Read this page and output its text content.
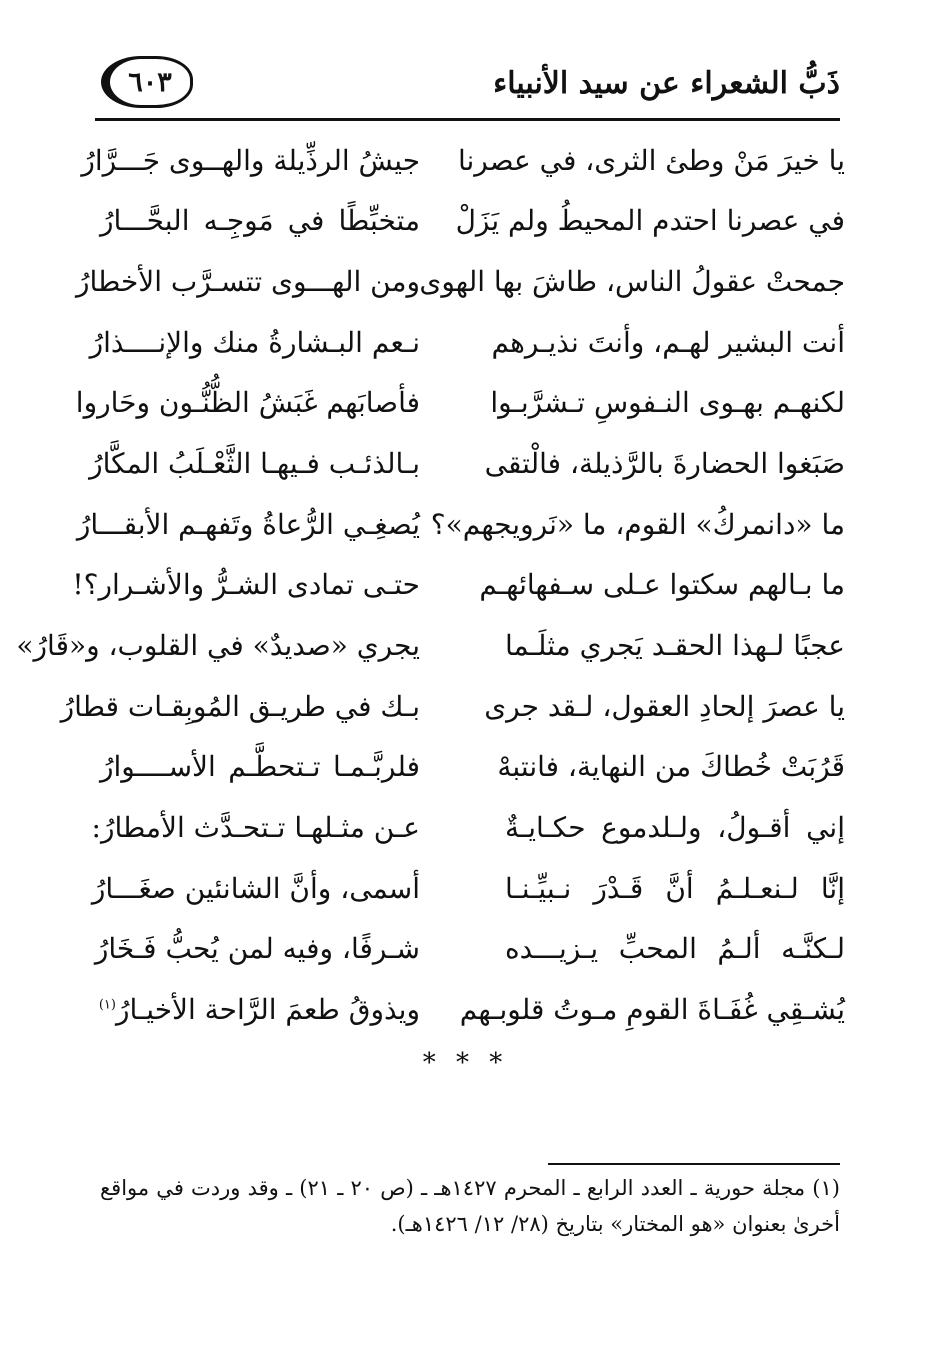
ذَبُّ الشعراء عن سيد الأنبياء
٦٠٣
يا خيرَ مَنْ وطئ الثرى، في عصرنا
جيشُ الرذِّيلة والهــوى جَـــرَّارُ
في عصرنا احتدم المحيطُ ولم يَزَلْ
متخبِّطًا في مَوجِـه البحَّـــارُ
جمحتْ عقولُ الناس، طاشَ بها الهوى
ومن الهـــوى تتسـرَّب الأخطارُ
أنت البشير لهـم، وأنتَ نذيـرهم
نـعم البـشارةُ منك والإنــــذارُ
لكنهـم بهـوى النـفوسِ تـشرَّبـوا
فأصابَهم غَبَشُ الظُّنُّـون وحَاروا
صَبَغوا الحضارةَ بالرَّذيلة، فالْتقى
بـالذئـب فـيهـا الثَّعْـلَبُ المكَّارُ
ما «دانمركُ» القوم، ما «نَرويجهم»؟
يُصغِـي الرُّعاةُ وتَفهـم الأبقـــارُ
ما بـالهم سكتوا عـلى سـفهائهـم
حتـى تمادى الشـرُّ والأشـرار؟!
عجبًا لـهذا الحقـد يَجري مثلَـما
يجري «صديدٌ» في القلوب، و«قَارُ»
يا عصرَ إلحادِ العقول، لـقد جرى
بـك في طريـق المُوبِقـات قطارُ
قَرُبَتْ خُطاكَ من النهاية، فانتبهْ
فلربَّـمـا تـتحطَّـم الأســــوارُ
إني أقـولُ، ولـلدموع حكـايـةٌ
عـن مثـلهـا تـتحـدَّث الأمطارُ:
إنَّا لـنعـلـمُ أنَّ قَـدْرَ نـبيِّـنـا
أسمى، وأنَّ الشانئين صغَـــارُ
لـكنَّـه ألـمُ المحبِّ يـزيـــده
شـرفًا، وفيه لمن يُحبُّ فَـخَارُ
يُشـقِي غُفَـاةَ القومِ مـوتُ قلوبـهم
ويذوقُ طعمَ الرَّاحة الأخيـارُ$^{(١)}$
* * *
(١) مجلة حورية ـ العدد الرابع ـ المحرم ١٤٢٧هـ ـ (ص ٢٠ ـ ٢١) ـ وقد وردت في مواقع
أخرىٰ بعنوان «هو المختار» بتاريخ (٢٨/ ١٢/ ١٤٢٦هـ).
